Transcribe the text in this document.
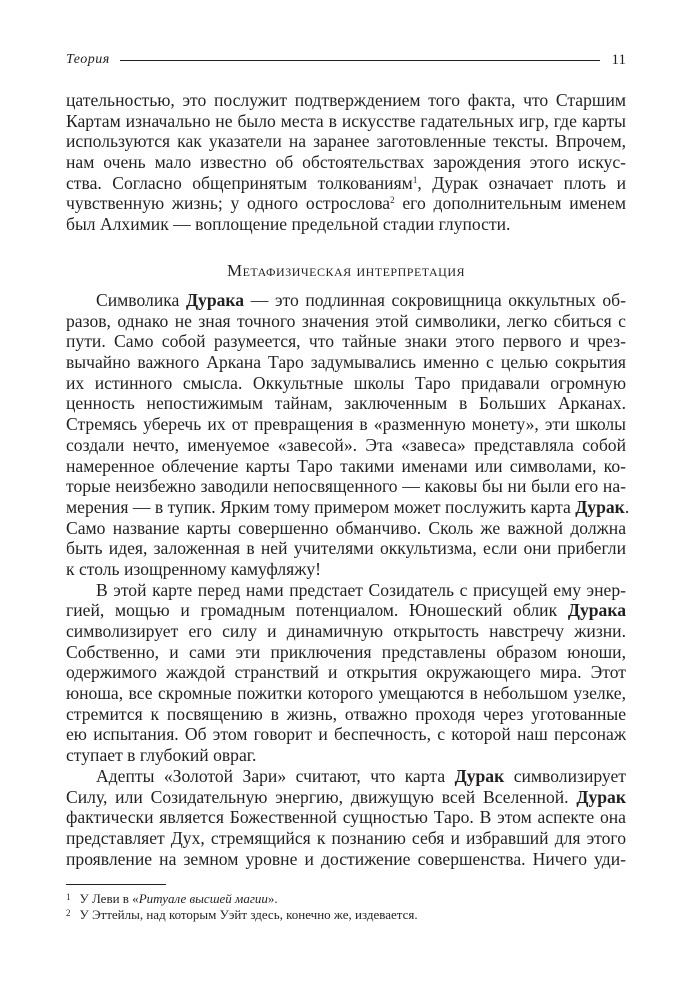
Теория	11
цательностью, это послужит подтверждением того факта, что Старшим
Картам изначально не было места в искусстве гадательных игр, где карты
используются как указатели на заранее заготовленные тексты. Впрочем,
нам очень мало известно об обстоятельствах зарождения этого искус-
ства. Согласно общепринятым толкованиям$^1$, Дурак означает плоть и
чувственную жизнь; у одного острослова$^2$ его дополнительным именем
был Алхимик — воплощение предельной стадии глупости.
Метафизическая интерпретация
Символика Дурака — это подлинная сокровищница оккультных об-
разов, однако не зная точного значения этой символики, легко сбиться с
пути. Само собой разумеется, что тайные знаки этого первого и чрез-
вычайно важного Аркана Таро задумывались именно с целью сокрытия
их истинного смысла. Оккультные школы Таро придавали огромную
ценность непостижимым тайнам, заключенным в Больших Арканах.
Стремясь уберечь их от превращения в «разменную монету», эти школы
создали нечто, именуемое «завесой». Эта «завеса» представляла собой
намеренное облечение карты Таро такими именами или символами, ко-
торые неизбежно заводили непосвященного — каковы бы ни были его на-
мерения — в тупик. Ярким тому примером может послужить карта Дурак.
Само название карты совершенно обманчиво. Сколь же важной должна
быть идея, заложенная в ней учителями оккультизма, если они прибегли
к столь изощренному камуфляжу!
В этой карте перед нами предстает Созидатель с присущей ему энер-
гией, мощью и громадным потенциалом. Юношеский облик Дурака
символизирует его силу и динамичную открытость навстречу жизни.
Собственно, и сами эти приключения представлены образом юноши,
одержимого жаждой странствий и открытия окружающего мира. Этот
юноша, все скромные пожитки которого умещаются в небольшом узелке,
стремится к посвящению в жизнь, отважно проходя через уготованные
ею испытания. Об этом говорит и беспечность, с которой наш персонаж
ступает в глубокий овраг.
Адепты «Золотой Зари» считают, что карта Дурак символизирует
Силу, или Созидательную энергию, движущую всей Вселенной. Дурак
фактически является Божественной сущностью Таро. В этом аспекте она
представляет Дух, стремящийся к познанию себя и избравший для этого
проявление на земном уровне и достижение совершенства. Ничего уди-
$^1$ У Леви в «Ритуале высшей магии».
$^2$ У Эттейлы, над которым Уэйт здесь, конечно же, издевается.
